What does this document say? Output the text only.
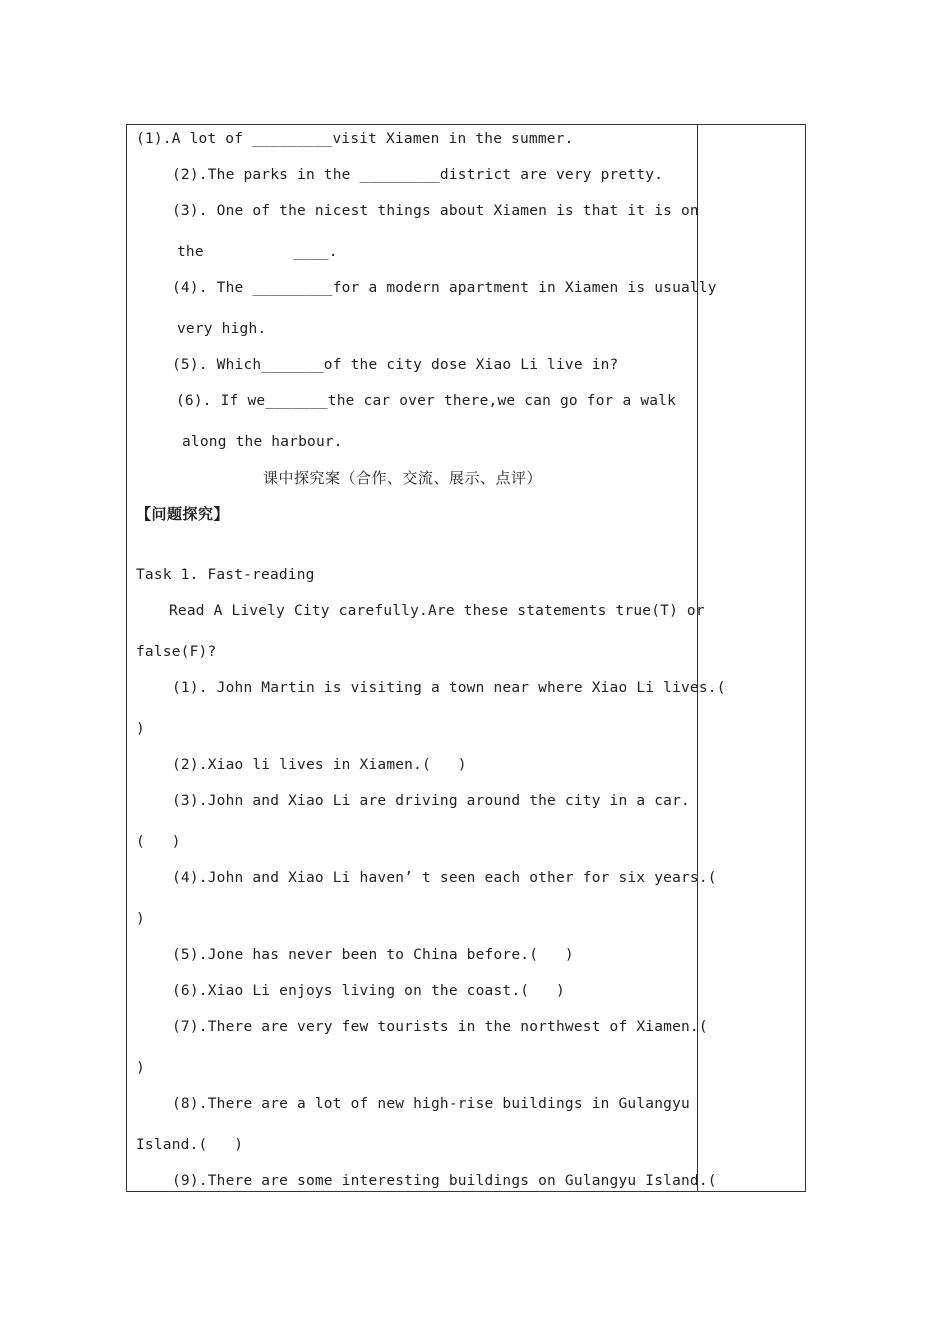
(1).A lot of _________visit Xiamen in the summer.
(2).The parks in the _________district are very pretty.
(3). One of the nicest things about Xiamen is that it is on
the          ____.
(4). The _________for a modern apartment in Xiamen is usually
very high.
(5). Which_______of the city dose Xiao Li live in?
(6). If we_______the car over there,we can go for a walk
along the harbour.
课中探究案（合作、交流、展示、点评）
【问题探究】
Task 1. Fast-reading
Read A Lively City carefully.Are these statements true(T) or
false(F)?
(1). John Martin is visiting a town near where Xiao Li lives.(
)
(2).Xiao li lives in Xiamen.(   )
(3).John and Xiao Li are driving around the city in a car.
(   )
(4).John and Xiao Li haven’ t seen each other for six years.(
)
(5).Jone has never been to China before.(   )
(6).Xiao Li enjoys living on the coast.(   )
(7).There are very few tourists in the northwest of Xiamen.(
)
(8).There are a lot of new high-rise buildings in Gulangyu
Island.(   )
(9).There are some interesting buildings on Gulangyu Island.(
